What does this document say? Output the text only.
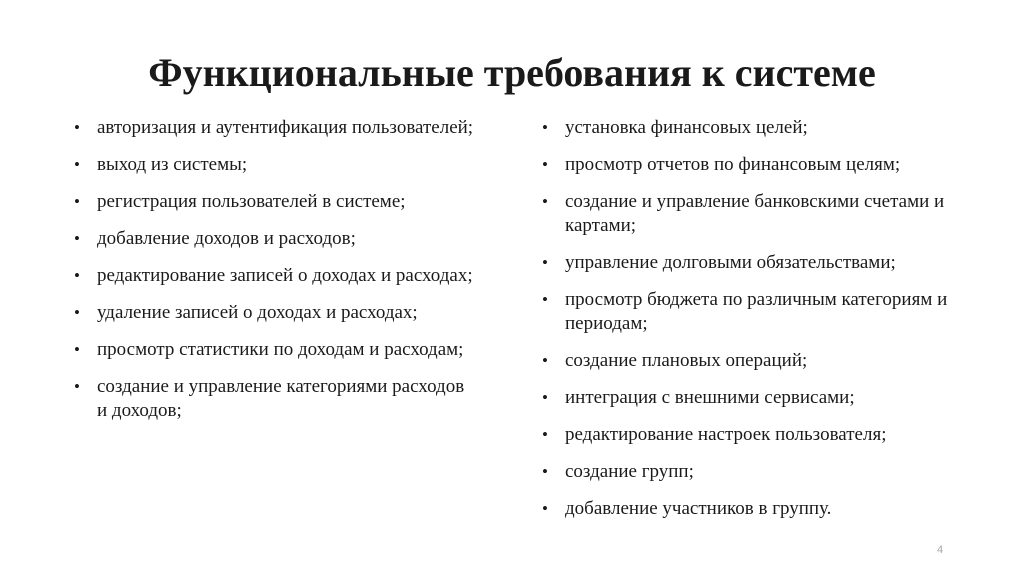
Функциональные требования к системе
• авторизация и аутентификация пользователей;
• выход из системы;
• регистрация пользователей в системе;
• добавление доходов и расходов;
• редактирование записей о доходах и расходах;
• удаление записей о доходах и расходах;
• просмотр статистики по доходам и расходам;
• создание и управление категориями расходов и доходов;
• установка финансовых целей;
• просмотр отчетов по финансовым целям;
• создание и управление банковскими счетами и картами;
• управление долговыми обязательствами;
• просмотр бюджета по различным категориям и периодам;
• создание плановых операций;
• интеграция с внешними сервисами;
• редактирование настроек пользователя;
• создание групп;
• добавление участников в группу.
4
